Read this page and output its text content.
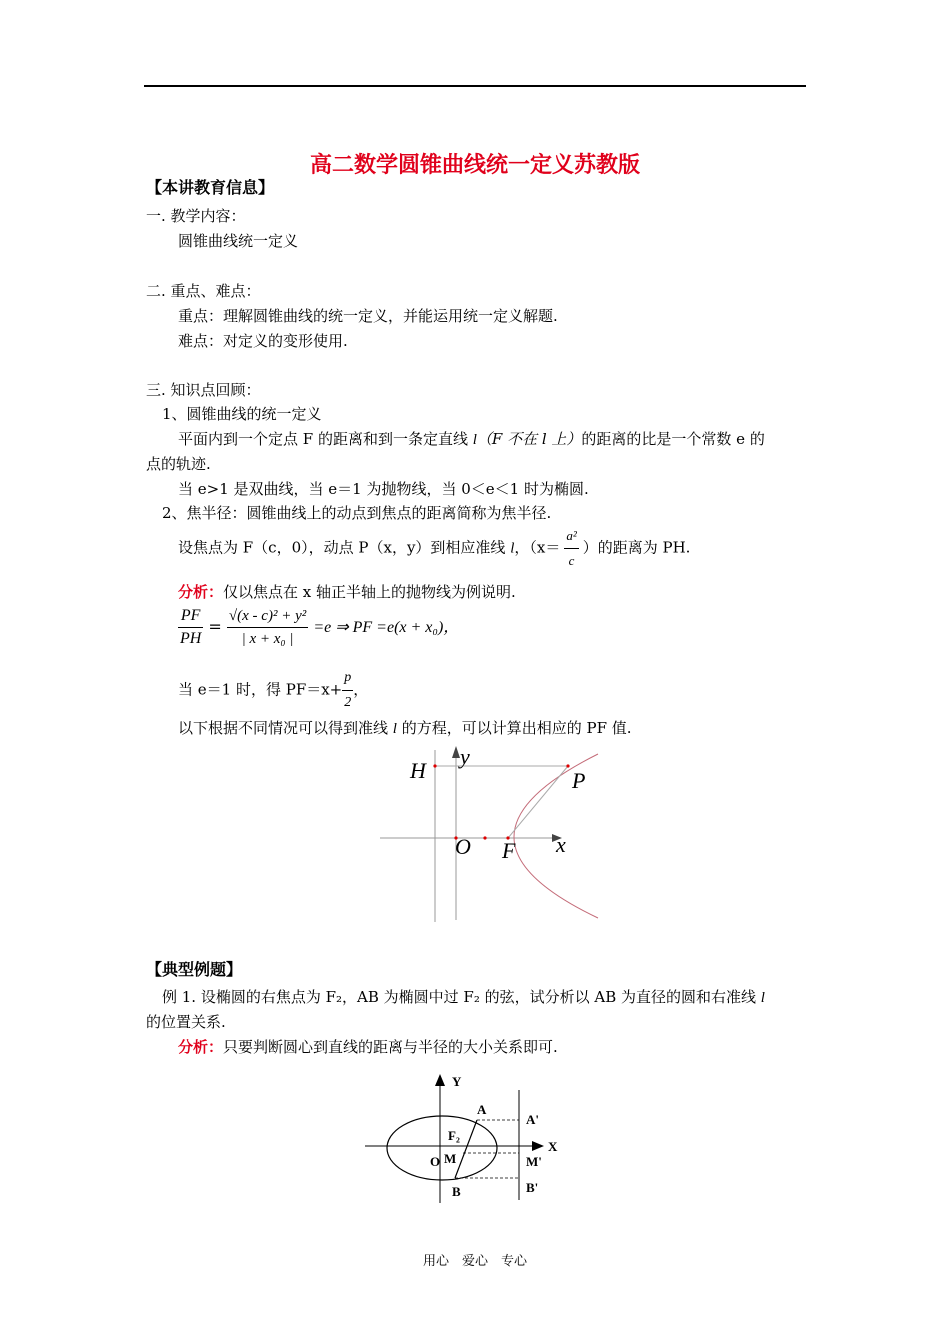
高二数学圆锥曲线统一定义苏教版
【本讲教育信息】
一. 教学内容：
圆锥曲线统一定义
二. 重点、难点：
重点：理解圆锥曲线的统一定义，并能运用统一定义解题.
难点：对定义的变形使用.
三. 知识点回顾：
1、圆锥曲线的统一定义
平面内到一个定点 F 的距离和到一条定直线 l（F 不在 l 上）的距离的比是一个常数 e 的
点的轨迹.
当 e>1 是双曲线，当 e＝1 为抛物线，当 0＜e＜1 时为椭圆.
2、焦半径：圆锥曲线上的动点到焦点的距离简称为焦半径.
设焦点为 F（c，0），动点 P（x，y）到相应准线 l，（$x= \frac{\text{a²}}{c}$ ）的距离为 PH.
分析：仅以焦点在 x 轴正半轴上的抛物线为例说明.
$\frac{PF}{PH} = \frac{\text{√(x - c)² + y²}}{\text{| x + x₀ |}} =e$ ⇒ PF =e(x + x₀)，
当 e＝1 时，得 $PF=x+ \frac{p}{2}$ ，
以下根据不同情况可以得到准线 l 的方程，可以计算出相应的 PF 值.
y
H	P
O F x
【典型例题】
例 1. 设椭圆的右焦点为 F₂，AB 为椭圆中过 F₂ 的弦，试分析以 AB 为直径的圆和右准线 l
的位置关系.
分析：只要判断圆心到直线的距离与半径的大小关系即可.
Y
X
A
F₂
O M
B
A'
M'
B'
用心　爱心　专心
